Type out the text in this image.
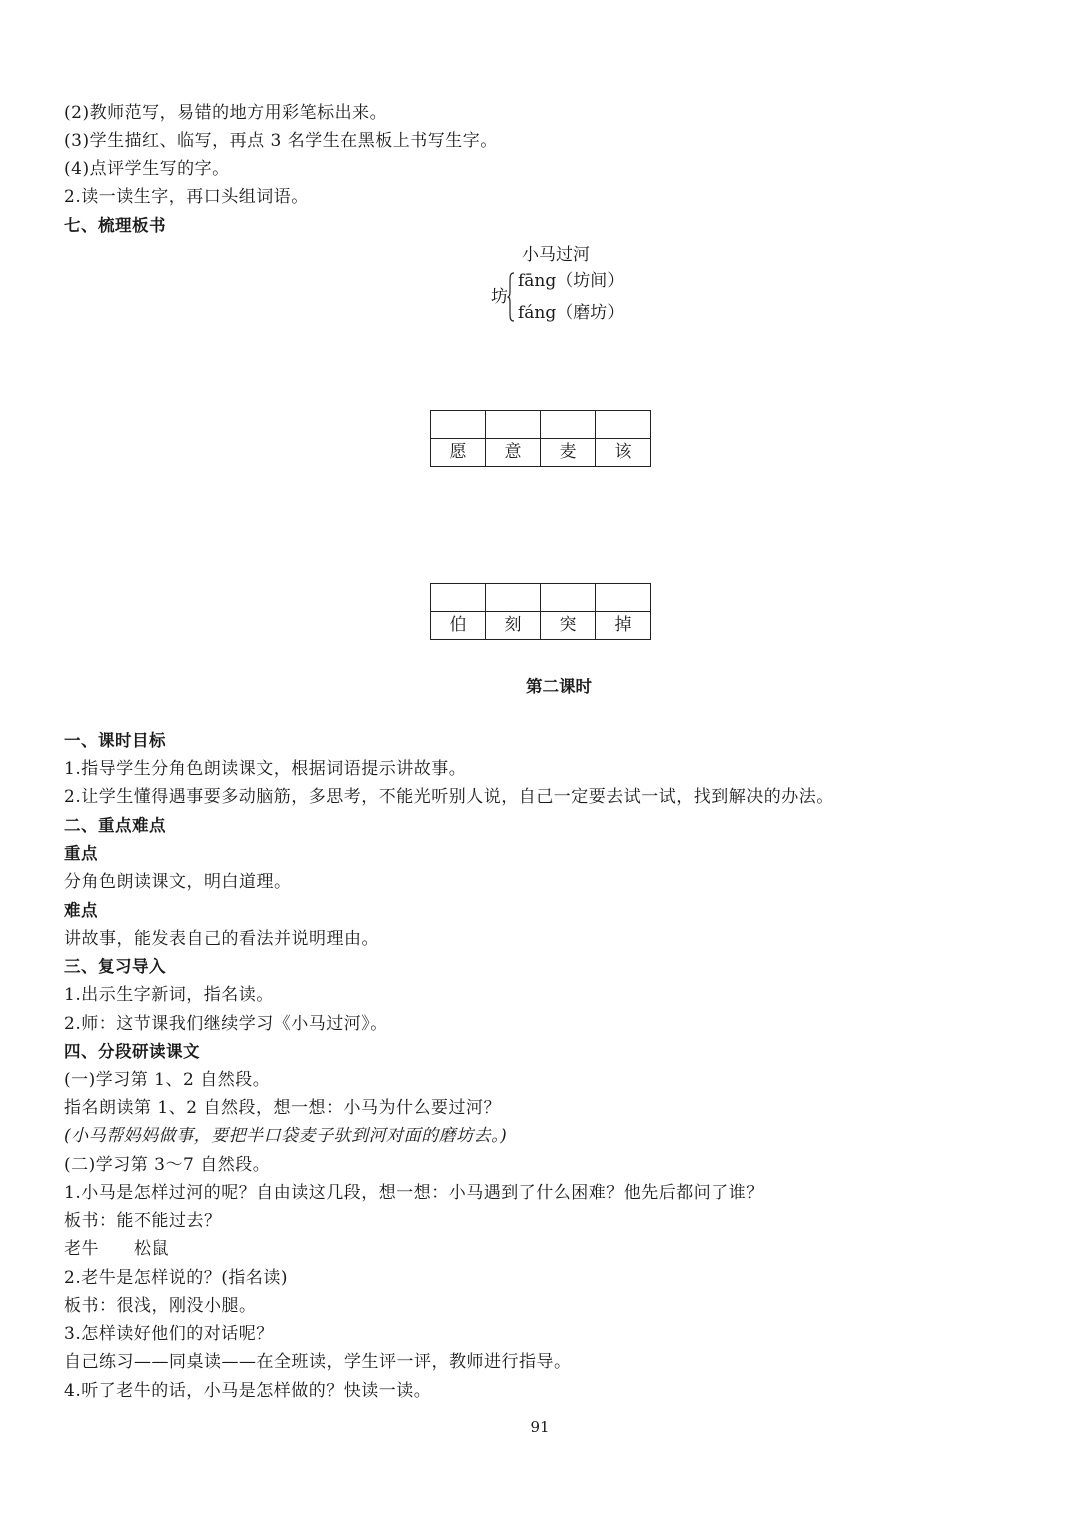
(2)教师范写，易错的地方用彩笔标出来。
(3)学生描红、临写，再点 3 名学生在黑板上书写生字。
(4)点评学生写的字。
2.读一读生字，再口头组词语。
七、梳理板书
小马过河
坊
fāng（坊间）
fáng（磨坊）

愿	意	麦	该

伯	刻	突	掉
第二课时
一、课时目标
1.指导学生分角色朗读课文，根据词语提示讲故事。
2.让学生懂得遇事要多动脑筋，多思考，不能光听别人说，自己一定要去试一试，找到解决的办法。
二、重点难点
重点
分角色朗读课文，明白道理。
难点
讲故事，能发表自己的看法并说明理由。
三、复习导入
1.出示生字新词，指名读。
2.师：这节课我们继续学习《小马过河》。
四、分段研读课文
(一)学习第 1、2 自然段。
指名朗读第 1、2 自然段，想一想：小马为什么要过河？
(小马帮妈妈做事，要把半口袋麦子驮到河对面的磨坊去。)
(二)学习第 3～7 自然段。
1.小马是怎样过河的呢？自由读这几段，想一想：小马遇到了什么困难？他先后都问了谁？
板书：能不能过去？
老牛　　松鼠
2.老牛是怎样说的？(指名读)
板书：很浅，刚没小腿。
3.怎样读好他们的对话呢？
自己练习——同桌读——在全班读，学生评一评，教师进行指导。
4.听了老牛的话，小马是怎样做的？快读一读。
91
